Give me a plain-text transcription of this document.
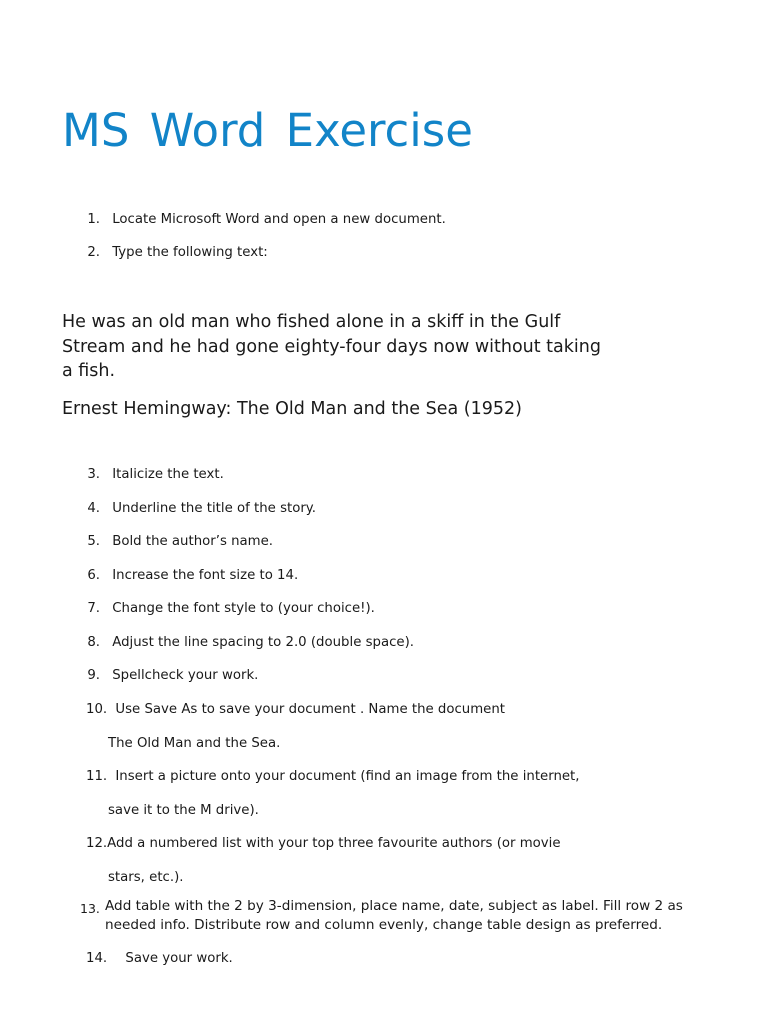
MS Word Exercise
1. Locate Microsoft Word and open a new document.
2. Type the following text:
He was an old man who fished alone in a skiff in the Gulf
Stream and he had gone eighty-four days now without taking
a fish.
Ernest Hemingway: The Old Man and the Sea (1952)
3. Italicize the text.
4. Underline the title of the story.
5. Bold the author’s name.
6. Increase the font size to 14.
7. Change the font style to (your choice!).
8. Adjust the line spacing to 2.0 (double space).
9. Spellcheck your work.
10. Use Save As to save your document . Name the document
The Old Man and the Sea.
11. Insert a picture onto your document (find an image from the internet,
save it to the M drive).
12.Add a numbered list with your top three favourite authors (or movie
stars, etc.).
13. Add table with the 2 by 3-dimension, place name, date, subject as label. Fill row 2 as
needed info. Distribute row and column evenly, change table design as preferred.
14. Save your work.
